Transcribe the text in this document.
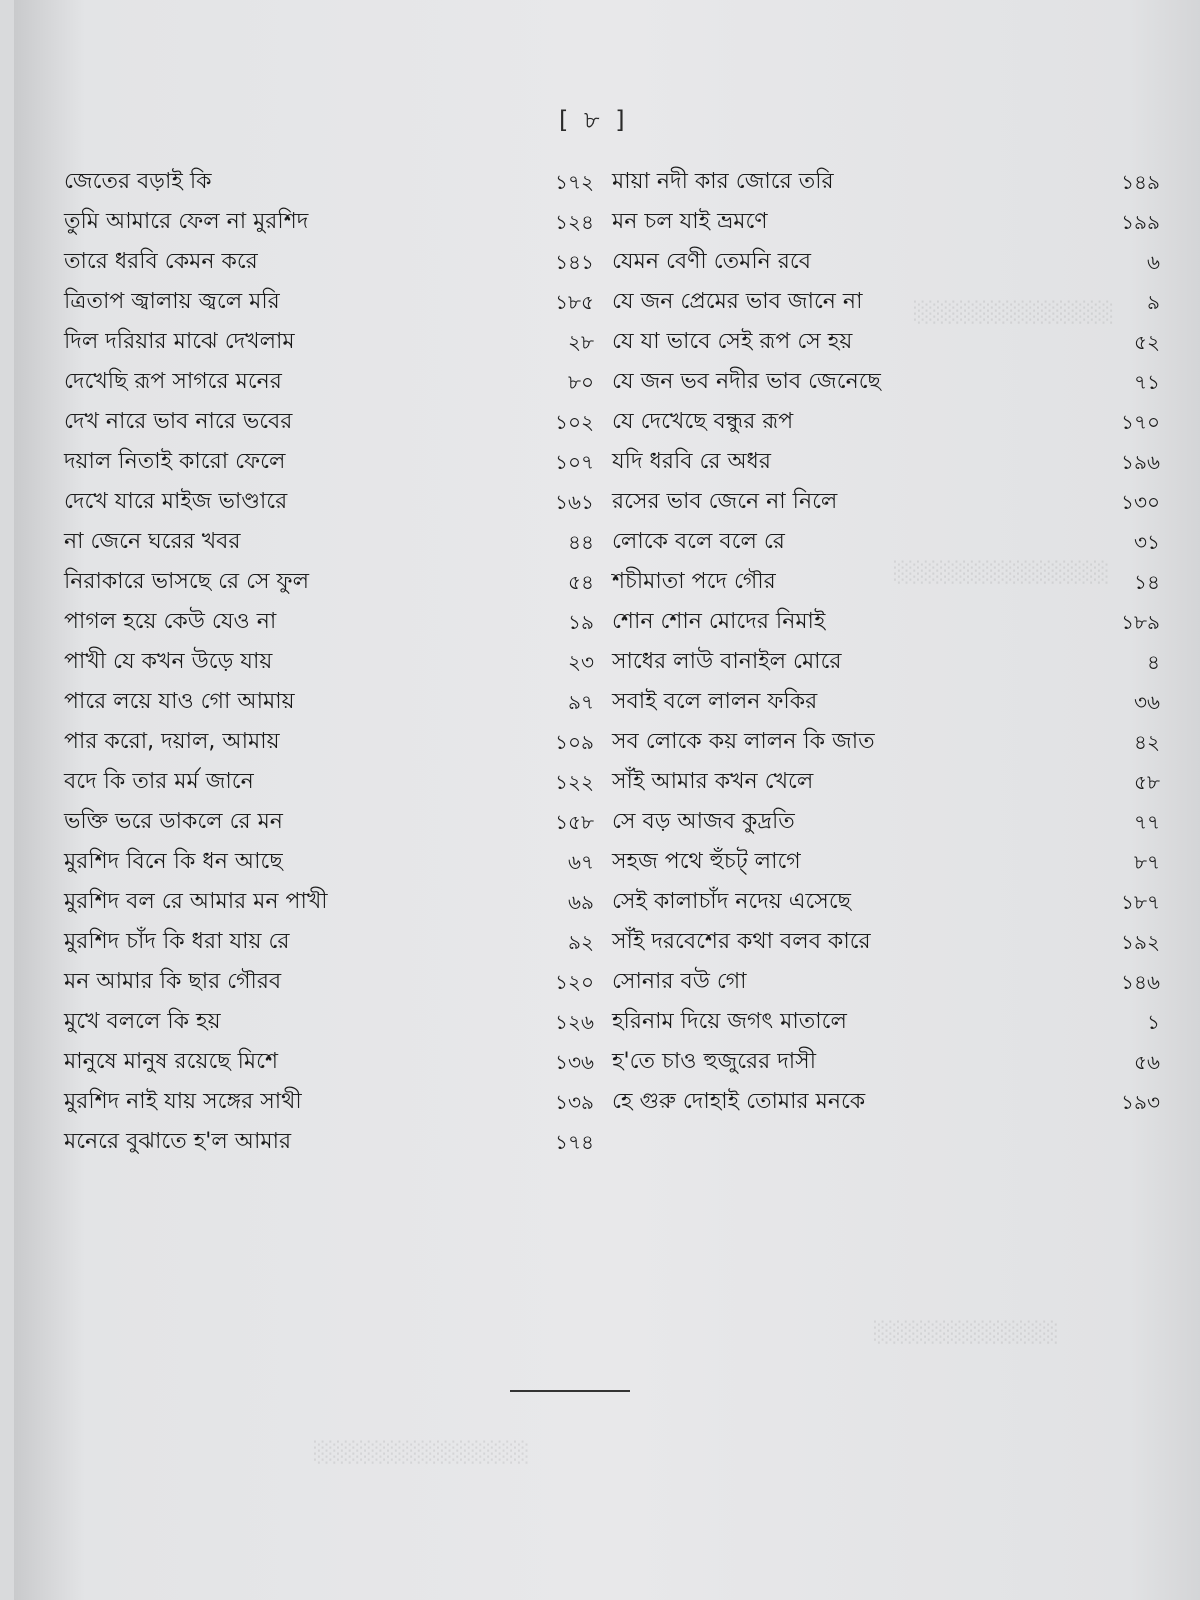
░░░░░░░░░░░░░
░░░░░░░░░░░░░░
░░░░░░░░░░░░
░░░░░░░░░░░░░░
[ ৮ ]
জেতের বড়াই কি	১৭২
তুমি আমারে ফেল না মুরশিদ	১২৪
তারে ধরবি কেমন করে	১৪১
ত্রিতাপ জ্বালায় জ্বলে মরি	১৮৫
দিল দরিয়ার মাঝে দেখলাম	২৮
দেখেছি রূপ সাগরে মনের	৮০
দেখ নারে ভাব নারে ভবের	১০২
দয়াল নিতাই কারো ফেলে	১০৭
দেখে যারে মাইজ ভাণ্ডারে	১৬১
না জেনে ঘরের খবর	৪৪
নিরাকারে ভাসছে রে সে ফুল	৫৪
পাগল হয়ে কেউ যেও না	১৯
পাখী যে কখন উড়ে যায়	২৩
পারে লয়ে যাও গো আমায়	৯৭
পার করো, দয়াল, আমায়	১০৯
বদে কি তার মর্ম জানে	১২২
ভক্তি ভরে ডাকলে রে মন	১৫৮
মুরশিদ বিনে কি ধন আছে	৬৭
মুরশিদ বল রে আমার মন পাখী	৬৯
মুরশিদ চাঁদ কি ধরা যায় রে	৯২
মন আমার কি ছার গৌরব	১২০
মুখে বললে কি হয়	১২৬
মানুষে মানুষ রয়েছে মিশে	১৩৬
মুরশিদ নাই যায় সঙ্গের সাথী	১৩৯
মনেরে বুঝাতে হ'ল আমার	১৭৪
মায়া নদী কার জোরে তরি	১৪৯
মন চল যাই ভ্রমণে	১৯৯
যেমন বেণী তেমনি রবে	৬
যে জন প্রেমের ভাব জানে না	৯
যে যা ভাবে সেই রূপ সে হয়	৫২
যে জন ভব নদীর ভাব জেনেছে	৭১
যে দেখেছে বন্ধুর রূপ	১৭০
যদি ধরবি রে অধর	১৯৬
রসের ভাব জেনে না নিলে	১৩০
লোকে বলে বলে রে	৩১
শচীমাতা পদে গৌর	১৪
শোন শোন মোদের নিমাই	১৮৯
সাধের লাউ বানাইল মোরে	৪
সবাই বলে লালন ফকির	৩৬
সব লোকে কয় লালন কি জাত	৪২
সাঁই আমার কখন খেলে	৫৮
সে বড় আজব কুদ্রতি	৭৭
সহজ পথে হুঁচট্ লাগে	৮৭
সেই কালাচাঁদ নদেয় এসেছে	১৮৭
সাঁই দরবেশের কথা বলব কারে	১৯২
সোনার বউ গো	১৪৬
হরিনাম দিয়ে জগৎ মাতালে	১
হ'তে চাও হুজুরের দাসী	৫৬
হে গুরু দোহাই তোমার মনকে	১৯৩
